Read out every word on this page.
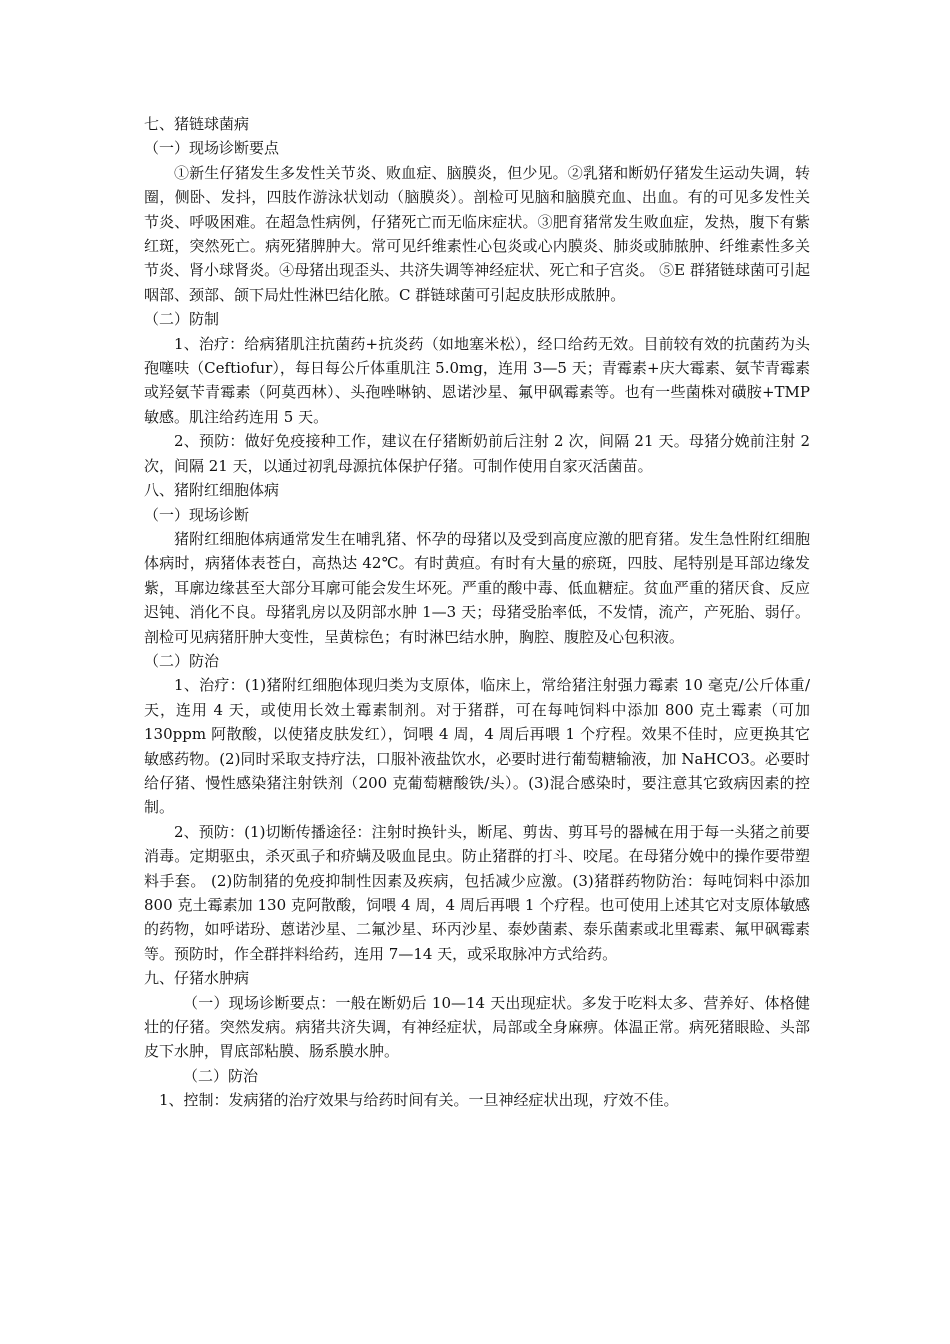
七、猪链球菌病

（一）现场诊断要点

①新生仔猪发生多发性关节炎、败血症、脑膜炎，但少见。②乳猪和断奶仔猪发生运动失调，转圈，侧卧、发抖，四肢作游泳状划动（脑膜炎）。剖检可见脑和脑膜充血、出血。有的可见多发性关节炎、呼吸困难。在超急性病例，仔猪死亡而无临床症状。③肥育猪常发生败血症，发热，腹下有紫红斑，突然死亡。病死猪脾肿大。常可见纤维素性心包炎或心内膜炎、肺炎或肺脓肿、纤维素性多关节炎、肾小球肾炎。④母猪出现歪头、共济失调等神经症状、死亡和子宫炎。 ⑤E 群猪链球菌可引起咽部、颈部、颌下局灶性淋巴结化脓。C 群链球菌可引起皮肤形成脓肿。

（二）防制

1、治疗：给病猪肌注抗菌药+抗炎药（如地塞米松），经口给药无效。目前较有效的抗菌药为头孢噻呋（Ceftiofur），每日每公斤体重肌注 5.0mg，连用 3—5 天；青霉素+庆大霉素、氨苄青霉素或羟氨苄青霉素（阿莫西林）、头孢唑啉钠、恩诺沙星、氟甲砜霉素等。也有一些菌株对磺胺+TMP 敏感。肌注给药连用 5 天。

2、预防：做好免疫接种工作，建议在仔猪断奶前后注射 2 次，间隔 21 天。母猪分娩前注射 2 次，间隔 21 天，以通过初乳母源抗体保护仔猪。可制作使用自家灭活菌苗。

八、猪附红细胞体病

（一）现场诊断

猪附红细胞体病通常发生在哺乳猪、怀孕的母猪以及受到高度应激的肥育猪。发生急性附红细胞体病时，病猪体表苍白，高热达 42℃。有时黄疸。有时有大量的瘀斑，四肢、尾特别是耳部边缘发紫，耳廓边缘甚至大部分耳廓可能会发生坏死。严重的酸中毒、低血糖症。贫血严重的猪厌食、反应迟钝、消化不良。母猪乳房以及阴部水肿 1—3 天；母猪受胎率低，不发情，流产，产死胎、弱仔。剖检可见病猪肝肿大变性，呈黄棕色；有时淋巴结水肿，胸腔、腹腔及心包积液。

（二）防治

1、治疗：(1)猪附红细胞体现归类为支原体，临床上，常给猪注射强力霉素 10 毫克/公斤体重/天，连用 4 天，或使用长效土霉素制剂。对于猪群，可在每吨饲料中添加 800 克土霉素（可加 130ppm 阿散酸，以使猪皮肤发红），饲喂 4 周，4 周后再喂 1 个疗程。效果不佳时，应更换其它敏感药物。(2)同时采取支持疗法，口服补液盐饮水，必要时进行葡萄糖输液，加 NaHCO3。必要时给仔猪、慢性感染猪注射铁剂（200 克葡萄糖酸铁/头）。(3)混合感染时，要注意其它致病因素的控制。

2、预防：(1)切断传播途径：注射时换针头，断尾、剪齿、剪耳号的器械在用于每一头猪之前要消毒。定期驱虫，杀灭虱子和疥螨及吸血昆虫。防止猪群的打斗、咬尾。在母猪分娩中的操作要带塑料手套。 (2)防制猪的免疫抑制性因素及疾病，包括减少应激。(3)猪群药物防治：每吨饲料中添加 800 克土霉素加 130 克阿散酸，饲喂 4 周，4 周后再喂 1 个疗程。也可使用上述其它对支原体敏感的药物，如呼诺玢、蒽诺沙星、二氟沙星、环丙沙星、泰妙菌素、泰乐菌素或北里霉素、氟甲砜霉素等。预防时，作全群拌料给药，连用 7—14 天，或采取脉冲方式给药。

九、仔猪水肿病

（一）现场诊断要点：一般在断奶后 10—14 天出现症状。多发于吃料太多、营养好、体格健壮的仔猪。突然发病。病猪共济失调，有神经症状，局部或全身麻痹。体温正常。病死猪眼睑、头部皮下水肿，胃底部粘膜、肠系膜水肿。

（二）防治

1、控制：发病猪的治疗效果与给药时间有关。一旦神经症状出现，疗效不佳。
